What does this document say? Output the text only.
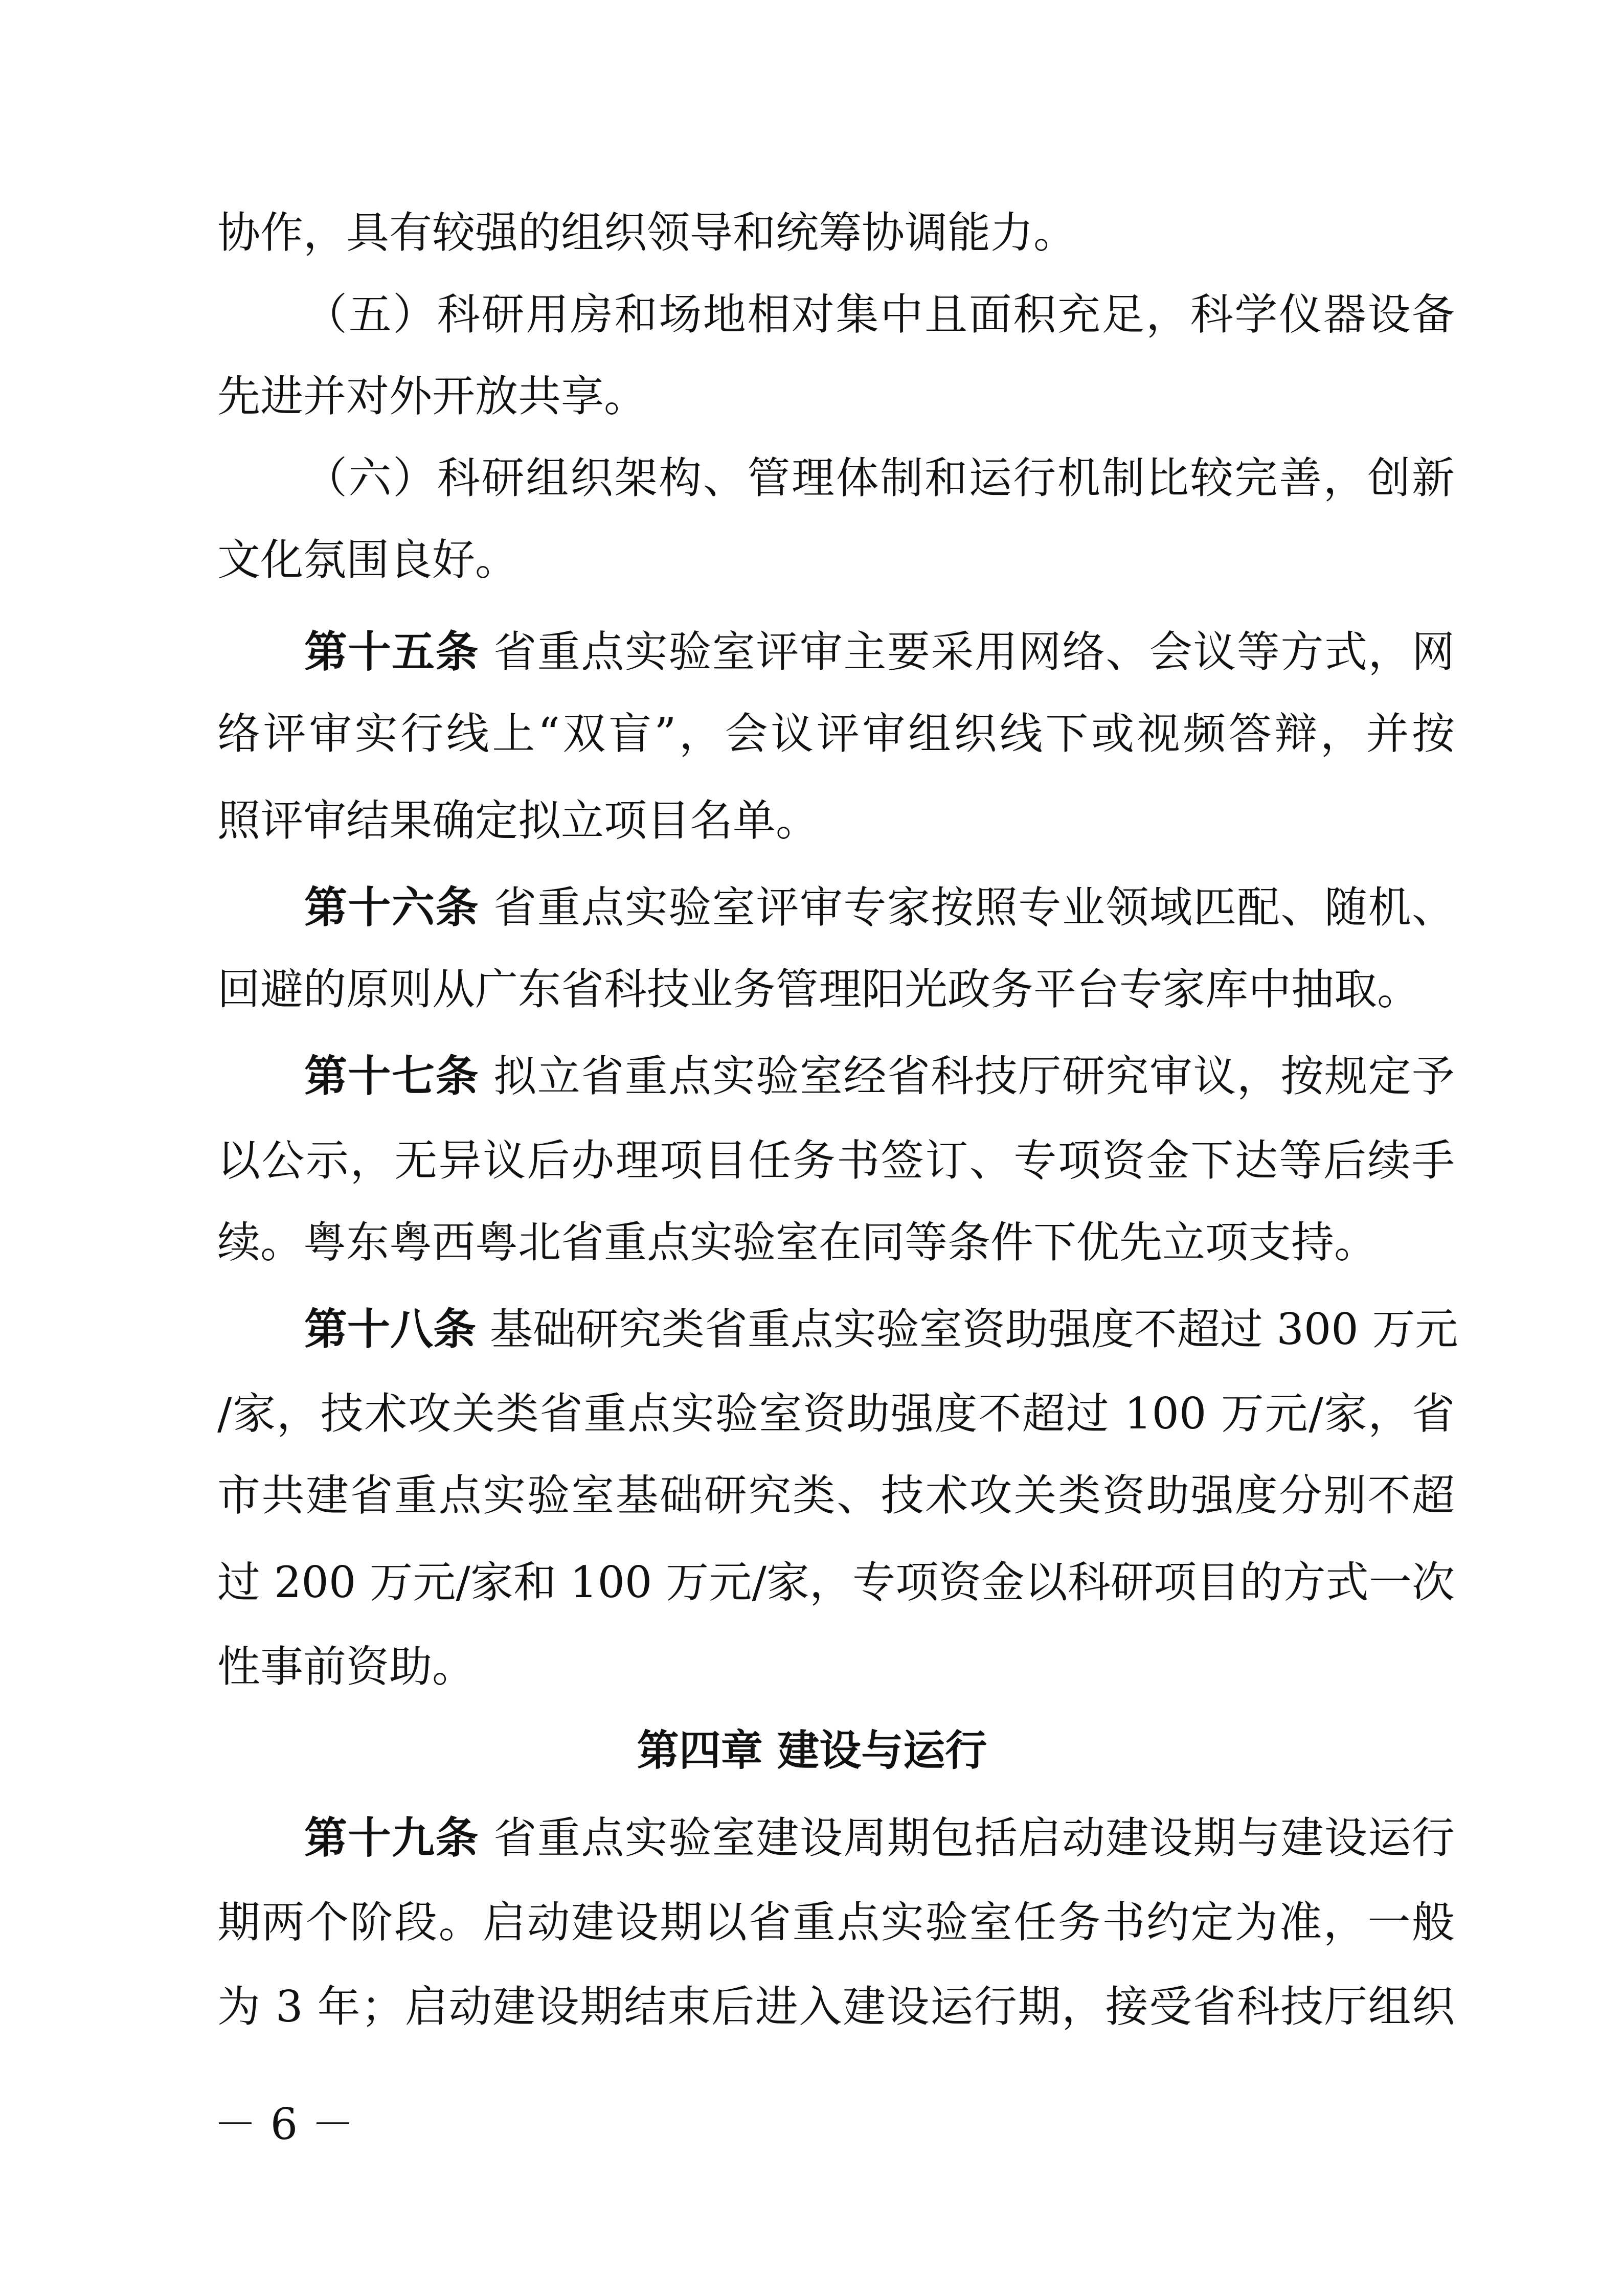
协作，具有较强的组织领导和统筹协调能力。
（五）科研用房和场地相对集中且面积充足，科学仪器设备
先进并对外开放共享。
（六）科研组织架构、管理体制和运行机制比较完善，创新
文化氛围良好。
第十五条 省重点实验室评审主要采用网络、会议等方式，网
络评审实行线上“双盲”，会议评审组织线下或视频答辩，并按
照评审结果确定拟立项目名单。
第十六条 省重点实验室评审专家按照专业领域匹配、随机、
回避的原则从广东省科技业务管理阳光政务平台专家库中抽取。
第十七条 拟立省重点实验室经省科技厅研究审议，按规定予
以公示，无异议后办理项目任务书签订、专项资金下达等后续手
续。粤东粤西粤北省重点实验室在同等条件下优先立项支持。
第十八条 基础研究类省重点实验室资助强度不超过 300 万元
/家，技术攻关类省重点实验室资助强度不超过 100 万元/家，省
市共建省重点实验室基础研究类、技术攻关类资助强度分别不超
过 200 万元/家和 100 万元/家，专项资金以科研项目的方式一次
性事前资助。
第四章 建设与运行
第十九条 省重点实验室建设周期包括启动建设期与建设运行
期两个阶段。启动建设期以省重点实验室任务书约定为准，一般
为 3 年；启动建设期结束后进入建设运行期，接受省科技厅组织
－ 6 －
